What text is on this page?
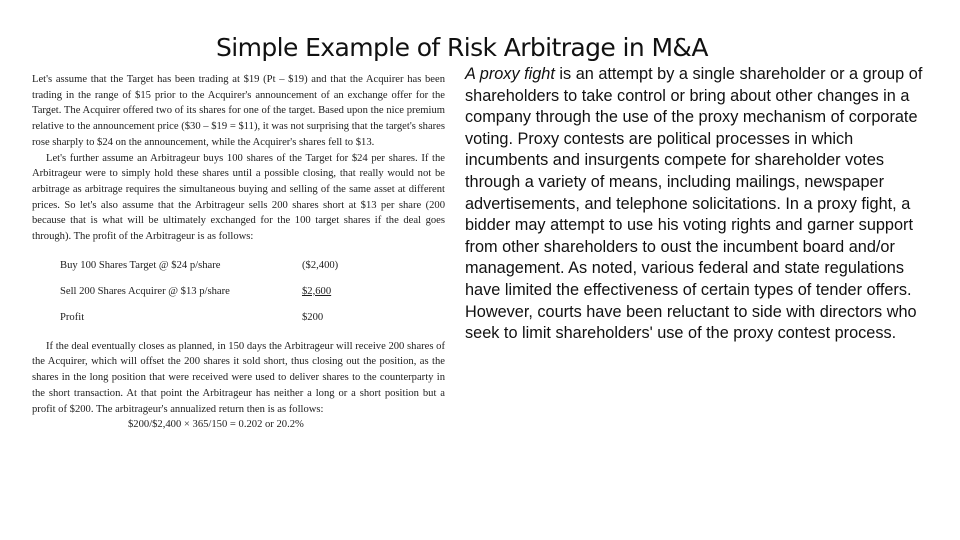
Simple Example of Risk Arbitrage in M&A

Let's assume that the Target has been trading at $19 (Pt – $19) and that the Acquirer has been trading in the range of $15 prior to the Acquirer's announcement of an exchange offer for the Target. The Acquirer offered two of its shares for one of the target. Based upon the nice premium relative to the announcement price ($30 – $19 = $11), it was not surprising that the target's shares rose sharply to $24 on the announcement, while the Acquirer's shares fell to $13.

Let's further assume an Arbitrageur buys 100 shares of the Target for $24 per shares. If the Arbitrageur were to simply hold these shares until a possible closing, that really would not be arbitrage as arbitrage requires the simultaneous buying and selling of the same asset at different prices. So let's also assume that the Arbitrageur sells 200 shares short at $13 per share (200 because that is what will be ultimately exchanged for the 100 target shares if the deal goes through). The profit of the Arbitrageur is as follows:

Buy 100 Shares Target @ $24 p/share	($2,400)
Sell 200 Shares Acquirer @ $13 p/share	$2,600
Profit	$200

If the deal eventually closes as planned, in 150 days the Arbitrageur will receive 200 shares of the Acquirer, which will offset the 200 shares it sold short, thus closing out the position, as the shares in the long position that were received were used to deliver shares to the counterparty in the short transaction. At that point the Arbitrageur has neither a long or a short position but a profit of $200. The arbitrageur's annualized return then is as follows:

$200/$2,400 × 365/150 = 0.202 or 20.2%

A proxy fight is an attempt by a single shareholder or a group of shareholders to take control or bring about other changes in a company through the use of the proxy mechanism of corporate voting. Proxy contests are political processes in which incumbents and insurgents compete for shareholder votes through a variety of means, including mailings, newspaper advertisements, and telephone solicitations. In a proxy fight, a bidder may attempt to use his voting rights and garner support from other shareholders to oust the incumbent board and/or management. As noted, various federal and state regulations have limited the effectiveness of certain types of tender offers. However, courts have been reluctant to side with directors who seek to limit shareholders' use of the proxy contest process.
